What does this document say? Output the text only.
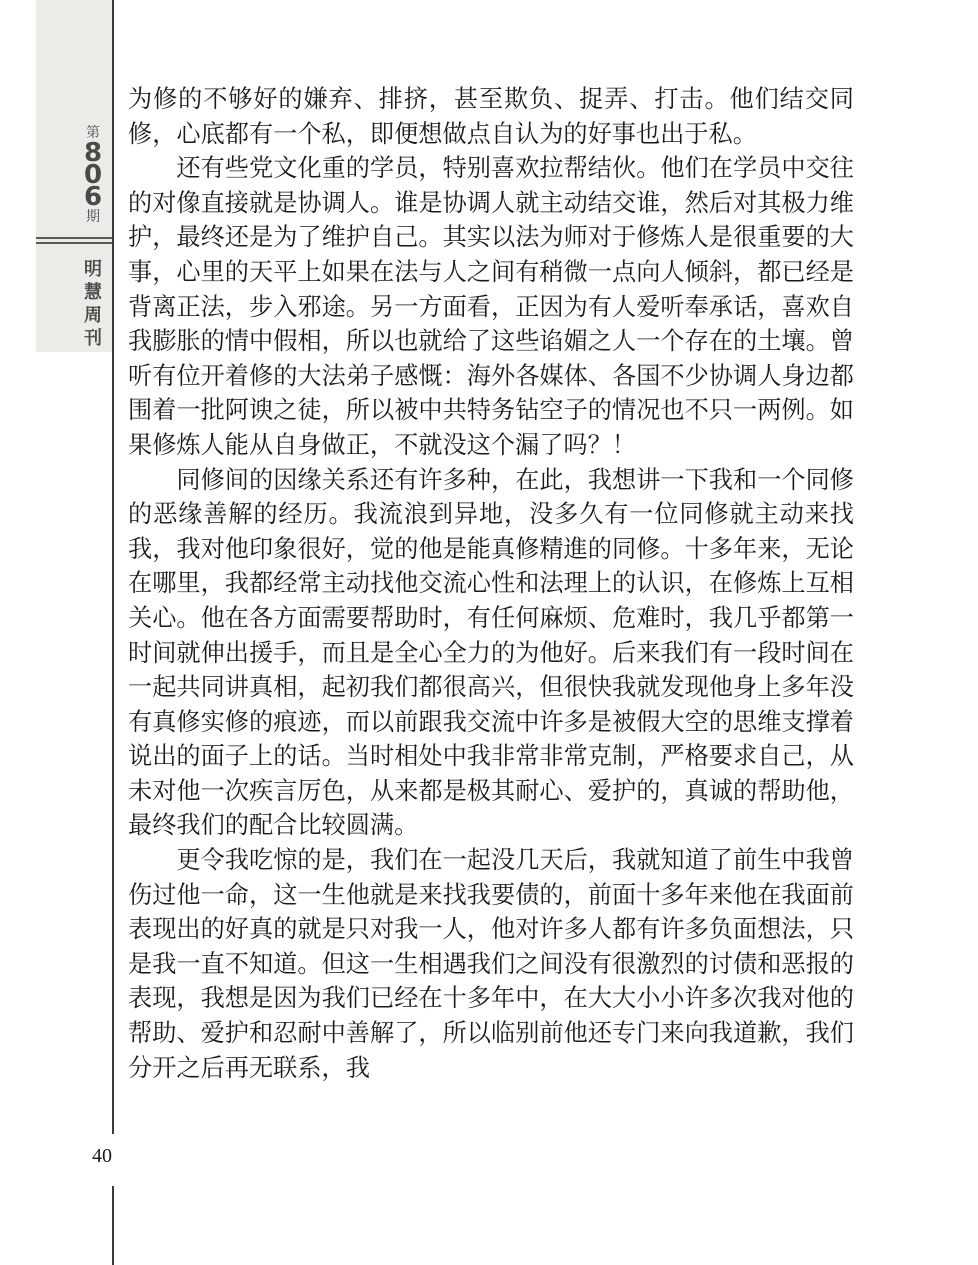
第
8
0
6
期
明
慧
周
刊

为修的不够好的嫌弃、排挤，甚至欺负、捉弄、打击。他们结交同修，心底都有一个私，即便想做点自认为的好事也出于私。

还有些党文化重的学员，特别喜欢拉帮结伙。他们在学员中交往的对像直接就是协调人。谁是协调人就主动结交谁，然后对其极力维护，最终还是为了维护自己。其实以法为师对于修炼人是很重要的大事，心里的天平上如果在法与人之间有稍微一点向人倾斜，都已经是背离正法，步入邪途。另一方面看，正因为有人爱听奉承话，喜欢自我膨胀的情中假相，所以也就给了这些谄媚之人一个存在的土壤。曾听有位开着修的大法弟子感慨：海外各媒体、各国不少协调人身边都围着一批阿谀之徒，所以被中共特务钻空子的情况也不只一两例。如果修炼人能从自身做正，不就没这个漏了吗？！

同修间的因缘关系还有许多种，在此，我想讲一下我和一个同修的恶缘善解的经历。我流浪到异地，没多久有一位同修就主动来找我，我对他印象很好，觉的他是能真修精進的同修。十多年来，无论在哪里，我都经常主动找他交流心性和法理上的认识，在修炼上互相关心。他在各方面需要帮助时，有任何麻烦、危难时，我几乎都第一时间就伸出援手，而且是全心全力的为他好。后来我们有一段时间在一起共同讲真相，起初我们都很高兴，但很快我就发现他身上多年没有真修实修的痕迹，而以前跟我交流中许多是被假大空的思维支撑着说出的面子上的话。当时相处中我非常非常克制，严格要求自己，从未对他一次疾言厉色，从来都是极其耐心、爱护的，真诚的帮助他，最终我们的配合比较圆满。

更令我吃惊的是，我们在一起没几天后，我就知道了前生中我曾伤过他一命，这一生他就是来找我要债的，前面十多年来他在我面前表现出的好真的就是只对我一人，他对许多人都有许多负面想法，只是我一直不知道。但这一生相遇我们之间没有很激烈的讨债和恶报的表现，我想是因为我们已经在十多年中，在大大小小许多次我对他的帮助、爱护和忍耐中善解了，所以临别前他还专门来向我道歉，我们分开之后再无联系，我

40
